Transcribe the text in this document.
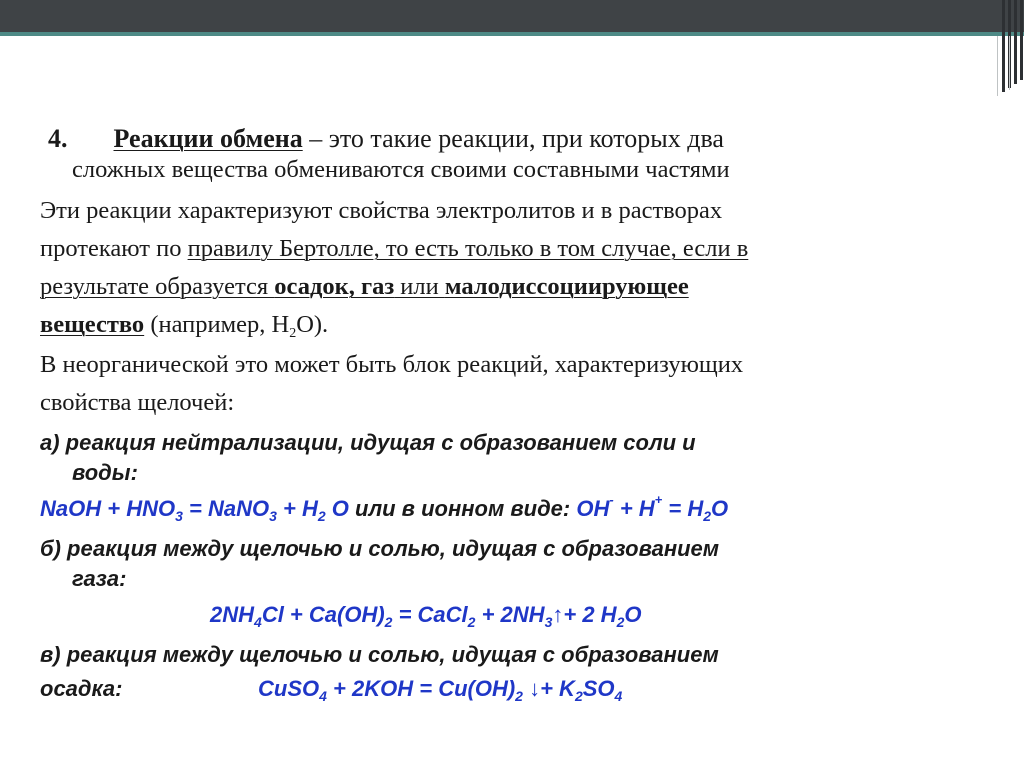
4. Реакции обмена – это такие реакции, при которых два
сложных вещества обмениваются своими составными частями
Эти реакции характеризуют свойства электролитов и в растворах
протекают по правилу Бертолле, то есть только в том случае, если в
результате образуется осадок, газ или малодиссоциирующее
вещество (например, $Н_2О$).
В неорганической это может быть блок реакций, характеризующих
свойства щелочей:
а) реакция нейтрализации, идущая с образованием соли и
воды:
NaOH + $HNO_3$ = NaNO$_3$ + $H_2$ O или в ионном виде: $OH^- + H^+ = H_2O$
б) реакция между щелочью и солью, идущая с образованием
газа:
$2NH_4Cl + Ca(OH)_2$ = CaCl$_2$ + $2NH_3↑+ 2$ $H_2O$
в) реакция между щелочью и солью, идущая с образованием
осадка:	CuSO$_4$ + $2KOH = Cu(OH)_2$ ↓+ $K_2SO_4$
